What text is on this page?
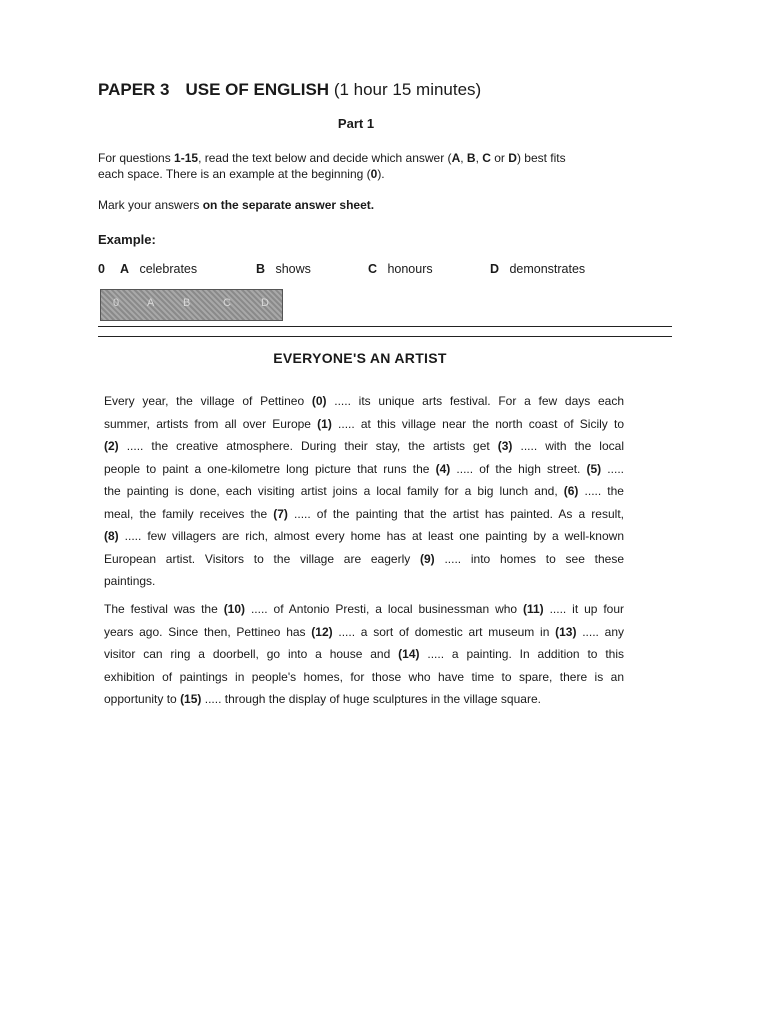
PAPER 3 USE OF ENGLISH (1 hour 15 minutes)
Part 1
For questions 1-15, read the text below and decide which answer (A, B, C or D) best fits
each space. There is an example at the beginning (0).
Mark your answers on the separate answer sheet.
Example:
0 A celebrates	B shows	C honours	D demonstrates
0	A	B	C	D
EVERYONE'S AN ARTIST
Every year, the village of Pettineo (0) ..... its unique arts festival. For a few days each
summer, artists from all over Europe (1) ..... at this village near the north coast of Sicily to
(2) ..... the creative atmosphere. During their stay, the artists get (3) ..... with the local
people to paint a one-kilometre long picture that runs the (4) ..... of the high street. (5) .....
the painting is done, each visiting artist joins a local family for a big lunch and, (6) ..... the
meal, the family receives the (7) ..... of the painting that the artist has painted. As a result,
(8) ..... few villagers are rich, almost every home has at least one painting by a well-known
European artist. Visitors to the village are eagerly (9) ..... into homes to see these
paintings.
The festival was the (10) ..... of Antonio Presti, a local businessman who (11) ..... it up four
years ago. Since then, Pettineo has (12) ..... a sort of domestic art museum in (13) ..... any
visitor can ring a doorbell, go into a house and (14) ..... a painting. In addition to this
exhibition of paintings in people's homes, for those who have time to spare, there is an
opportunity to (15) ..... through the display of huge sculptures in the village square.
